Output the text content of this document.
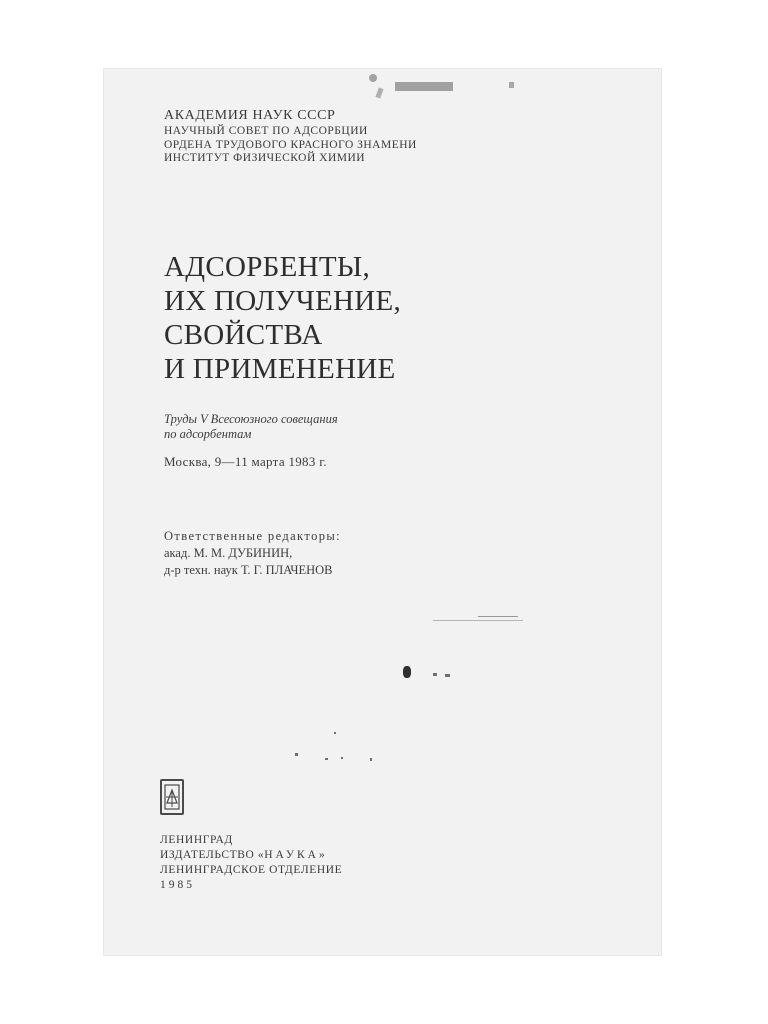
АКАДЕМИЯ НАУК СССР
НАУЧНЫЙ СОВЕТ ПО АДСОРБЦИИ
ОРДЕНА ТРУДОВОГО КРАСНОГО ЗНАМЕНИ
ИНСТИТУТ ФИЗИЧЕСКОЙ ХИМИИ
АДСОРБЕНТЫ,
ИХ ПОЛУЧЕНИЕ,
СВОЙСТВА
И ПРИМЕНЕНИЕ
Труды V Всесоюзного совещания
по адсорбентам
Москва, 9—11 марта 1983 г.
Ответственные редакторы:
акад. М. М. ДУБИНИН,
д-р техн. наук Т. Г. ПЛАЧЕНОВ
ЛЕНИНГРАД
ИЗДАТЕЛЬСТВО «НАУКА»
ЛЕНИНГРАДСКОЕ ОТДЕЛЕНИЕ
1985
